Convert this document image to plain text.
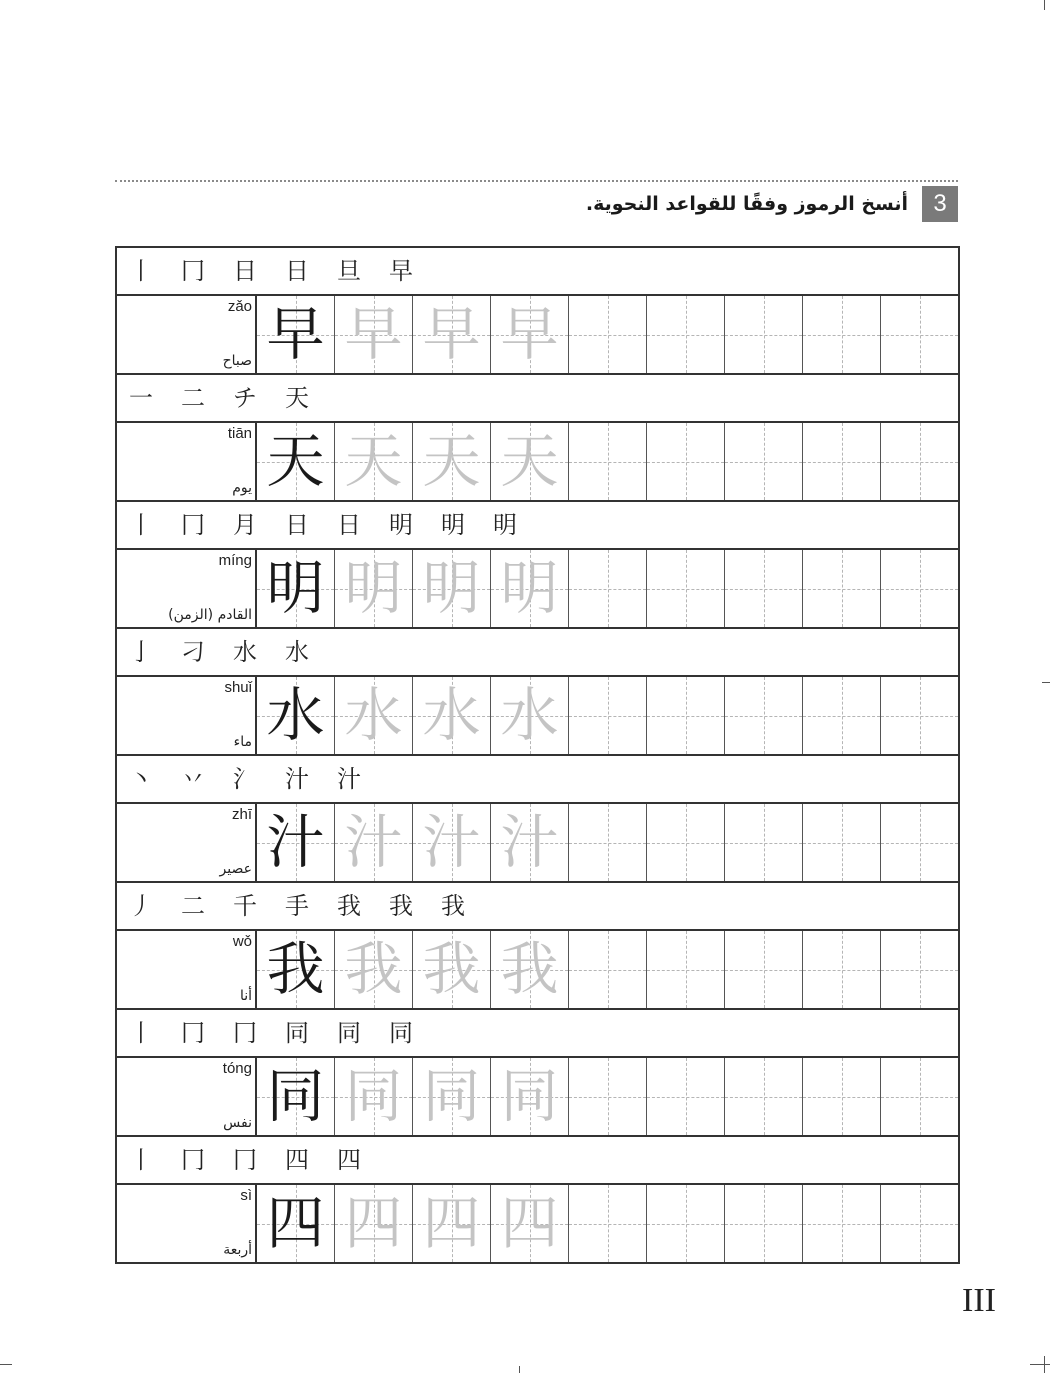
3
أنسخ الرموز وفقًا للقواعد النحوية.
丨 冂 日 日 旦 早
zǎo
صباح 早 早 早 早
一 二 チ 天
tiān
يوم 天 天 天 天
丨 冂 月 日 日 明 明 明
míng
القادم (الزمن) 明 明 明 明
亅 刁 水 水
shuǐ
ماء 水 水 水 水
丶 丷 氵 汁 汁
zhī
عصير 汁 汁 汁 汁
丿 二 千 手 我 我 我
wǒ
أنا 我 我 我 我
丨 冂 冂 同 同 同
tóng
نفس 同 同 同 同
丨 冂 冂 四 四
sì
أربعة 四 四 四 四
III
